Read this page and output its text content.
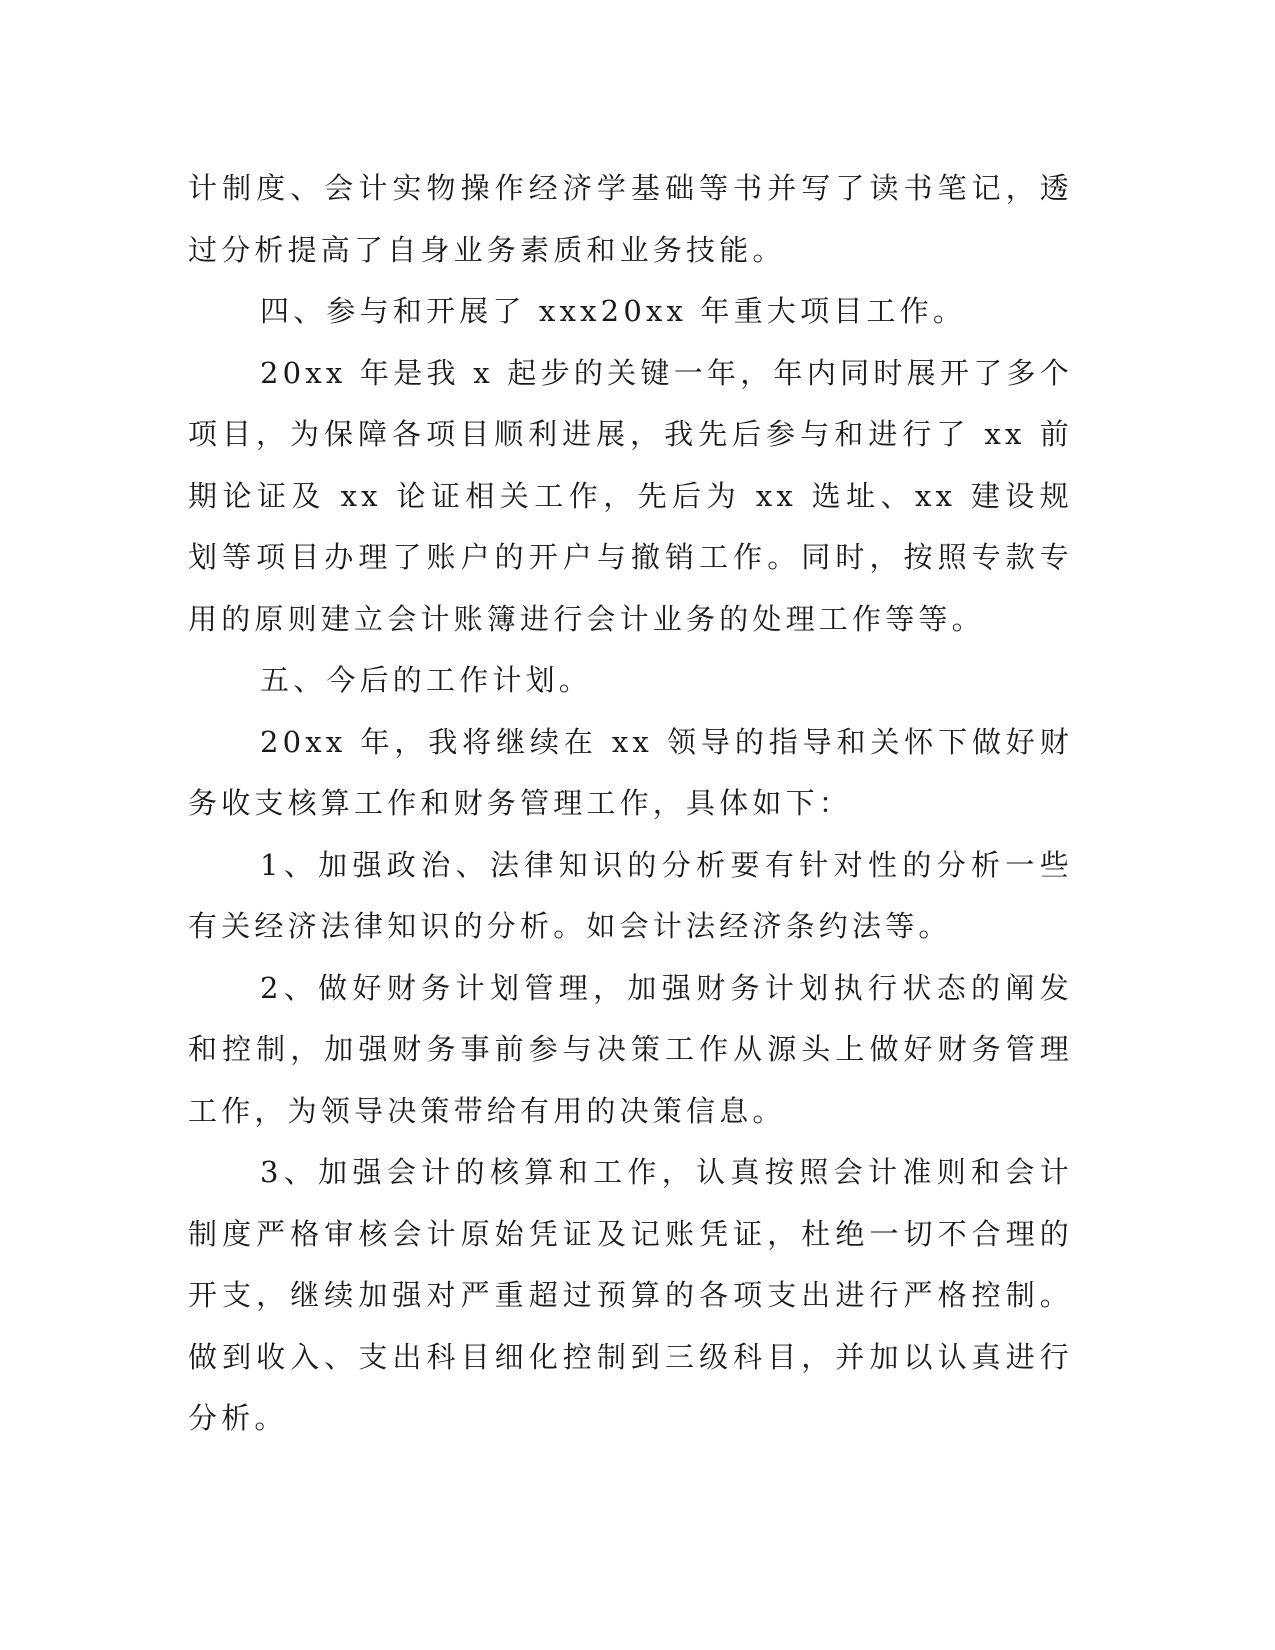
计制度、会计实物操作经济学基础等书并写了读书笔记，透过分析提高了自身业务素质和业务技能。

四、参与和开展了 xxx20xx 年重大项目工作。

20xx 年是我 x 起步的关键一年，年内同时展开了多个项目，为保障各项目顺利进展，我先后参与和进行了 xx 前期论证及 xx 论证相关工作，先后为 xx 选址、xx 建设规划等项目办理了账户的开户与撤销工作。同时，按照专款专用的原则建立会计账簿进行会计业务的处理工作等等。

五、今后的工作计划。

20xx 年，我将继续在 xx 领导的指导和关怀下做好财务收支核算工作和财务管理工作，具体如下：

1、加强政治、法律知识的分析要有针对性的分析一些有关经济法律知识的分析。如会计法经济条约法等。

2、做好财务计划管理，加强财务计划执行状态的阐发和控制，加强财务事前参与决策工作从源头上做好财务管理工作，为领导决策带给有用的决策信息。

3、加强会计的核算和工作，认真按照会计准则和会计制度严格审核会计原始凭证及记账凭证，杜绝一切不合理的开支，继续加强对严重超过预算的各项支出进行严格控制。做到收入、支出科目细化控制到三级科目，并加以认真进行分析。
